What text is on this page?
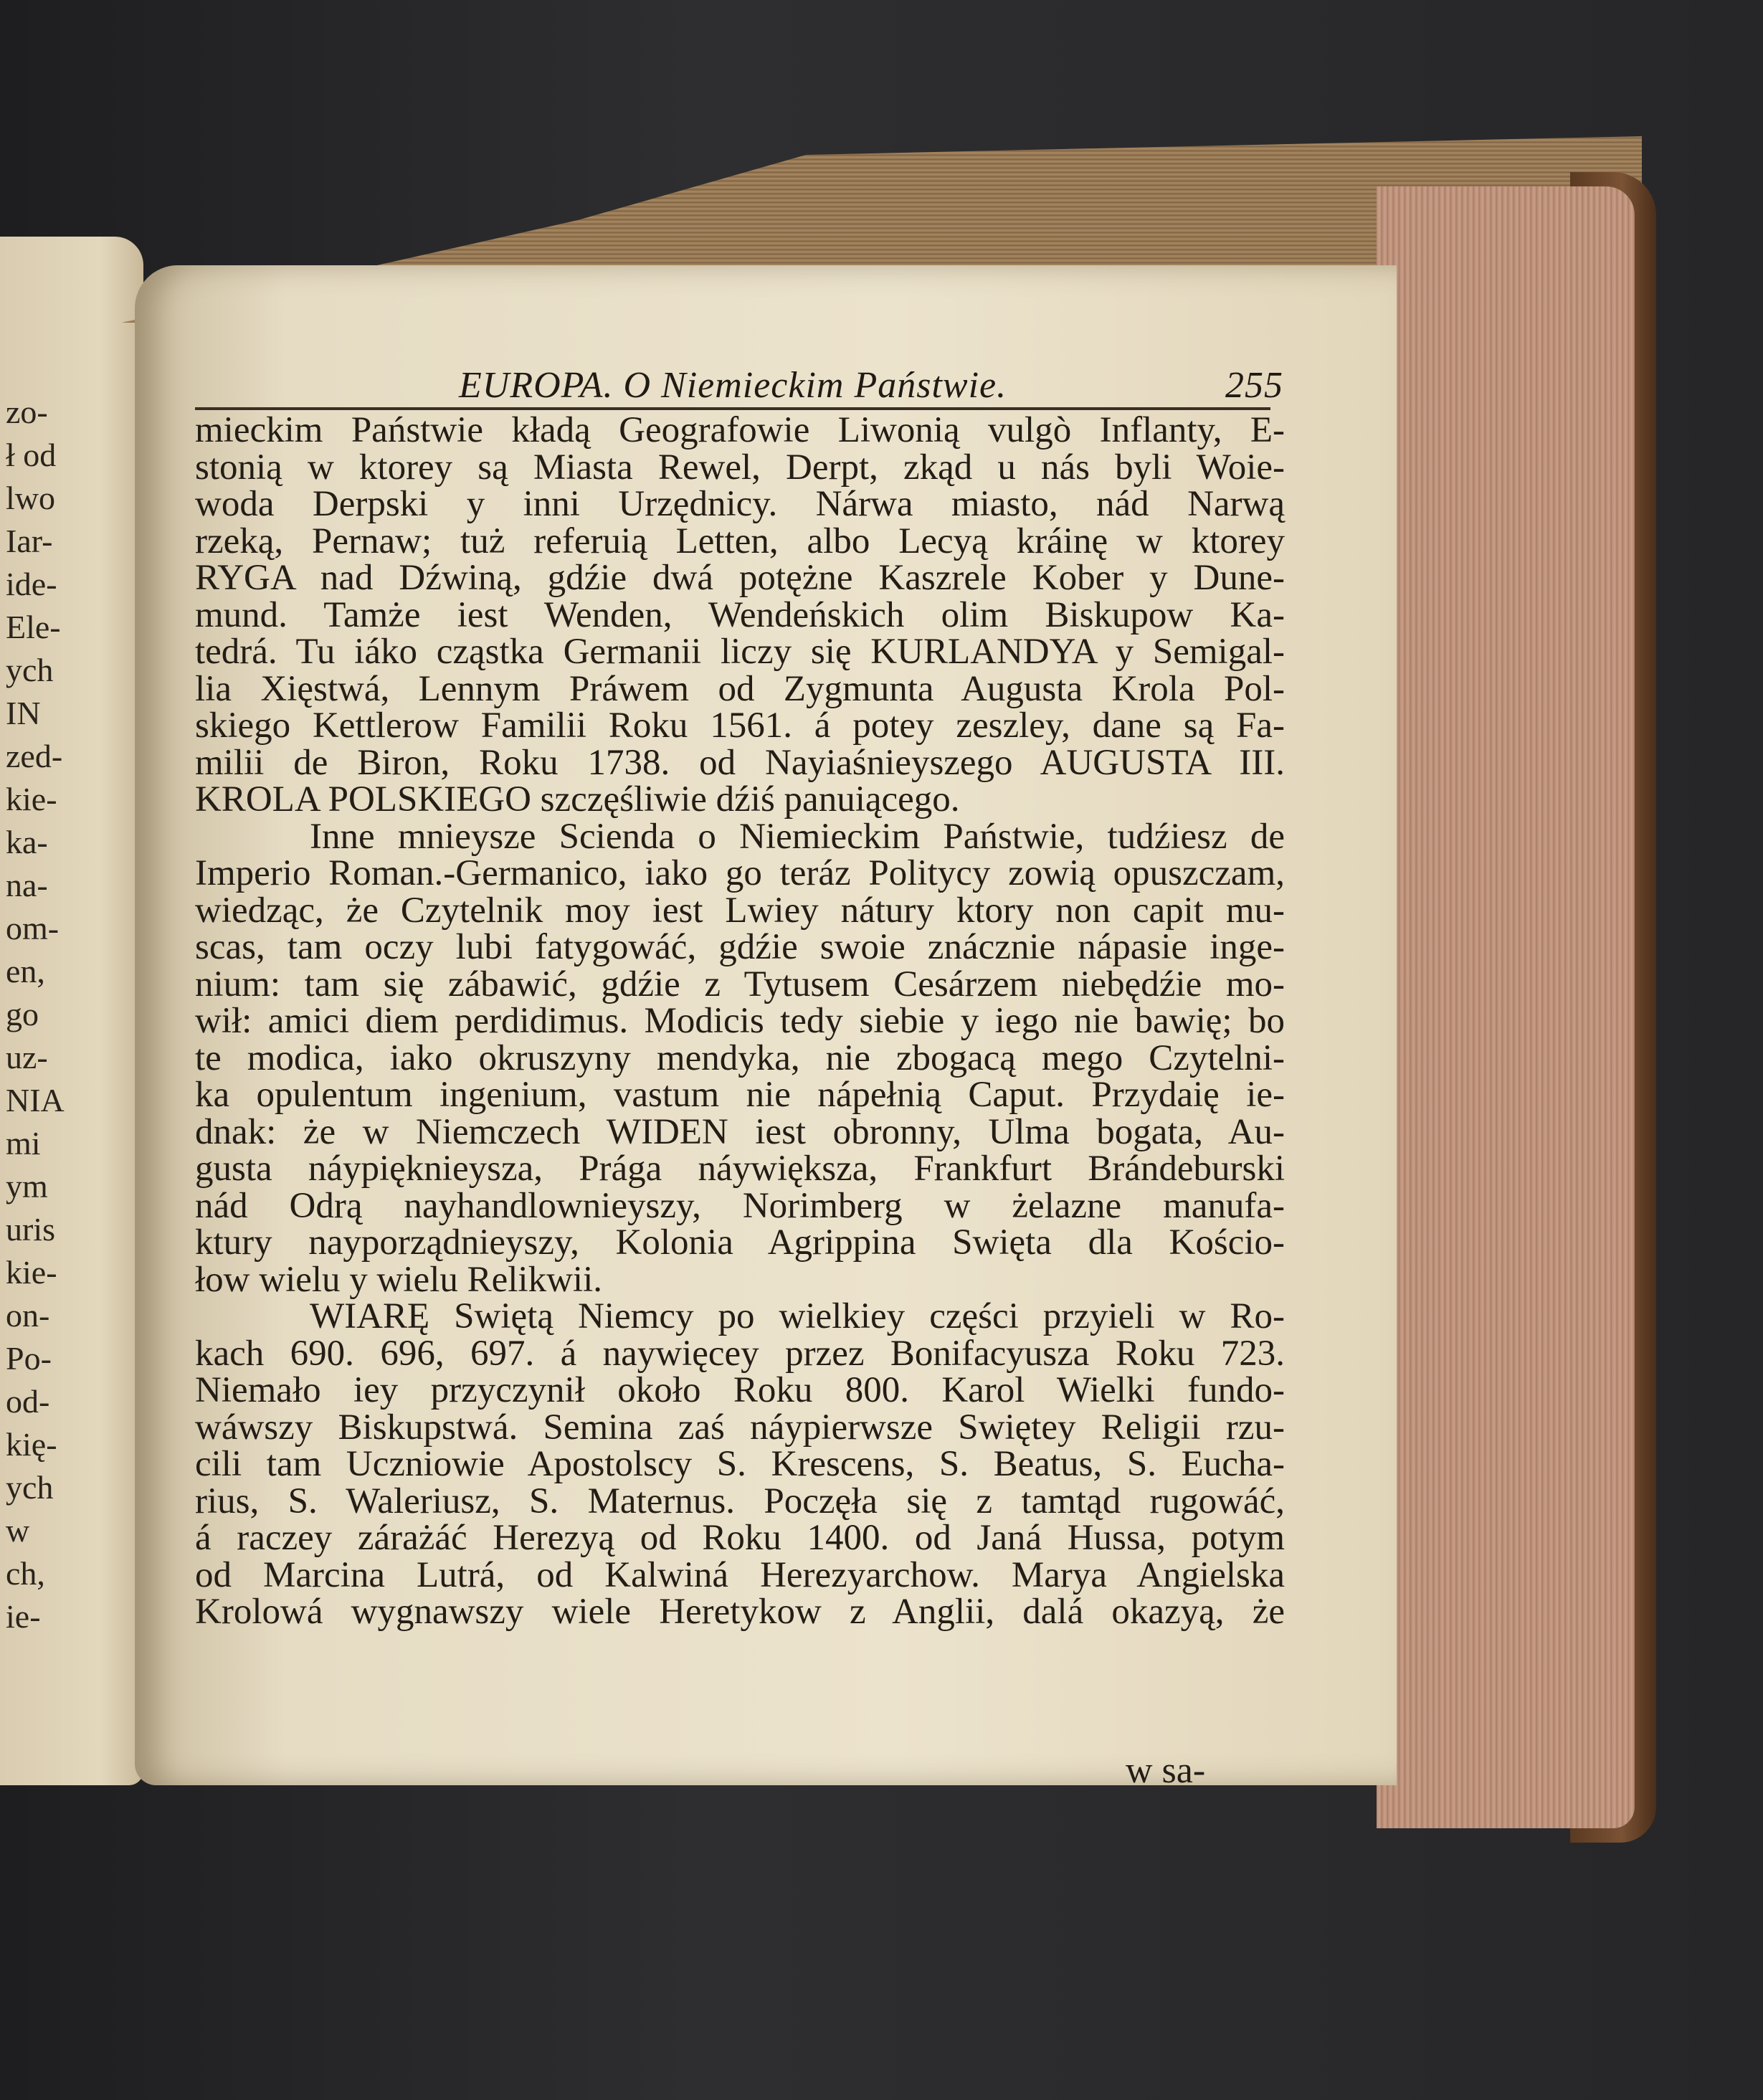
zo-
ł od
lwo
Iar-
ide-
Ele-
ych
IN
zed-
kie-
ka-
na-
om-
en,
go
uz-
NIA
mi
ym
uris
kie-
on-
Po-
od-
kię-
ych
w
ch,
ie-
EUROPA. O Niemieckim Państwie.	255
mieckim Państwie kładą Geografowie Liwonią vulgò Inflanty, E-
stonią w ktorey są Miasta Rewel, Derpt, zkąd u nás byli Woie-
woda Derpski y inni Urzędnicy. Nárwa miasto, nád Narwą
rzeką, Pernaw; tuż referuią Letten, albo Lecyą kráinę w ktorey
RYGA nad Dźwiną, gdźie dwá potężne Kaszrele Kober y Dune-
mund. Tamże iest Wenden, Wendeńskich olim Biskupow Ka-
tedrá. Tu iáko cząstka Germanii liczy się KURLANDYA y Semigal-
lia Xięstwá, Lennym Práwem od Zygmunta Augusta Krola Pol-
skiego Kettlerow Familii Roku 1561. á potey zeszley, dane są Fa-
milii de Biron, Roku 1738. od Nayiaśnieyszego AUGUSTA III.
KROLA POLSKIEGO szczęśliwie dźiś panuiącego.
Inne mnieysze Scienda o Niemieckim Państwie, tudźiesz de
Imperio Roman.-Germanico, iako go teráz Politycy zowią opuszczam,
wiedząc, że Czytelnik moy iest Lwiey nátury ktory non capit mu-
scas, tam oczy lubi fatygowáć, gdźie swoie znácznie nápasie inge-
nium: tam się zábawić, gdźie z Tytusem Cesárzem niebędźie mo-
wił: amici diem perdidimus. Modicis tedy siebie y iego nie bawię; bo
te modica, iako okruszyny mendyka, nie zbogacą mego Czytelni-
ka opulentum ingenium, vastum nie nápełnią Caput. Przydaię ie-
dnak: że w Niemczech WIDEN iest obronny, Ulma bogata, Au-
gusta náypięknieysza, Prága náywiększa, Frankfurt Brándeburski
nád Odrą nayhandlownieyszy, Norimberg w żelazne manufa-
ktury nayporządnieyszy, Kolonia Agrippina Swięta dla Kościo-
łow wielu y wielu Relikwii.
WIARĘ Swiętą Niemcy po wielkiey części przyieli w Ro-
kach 690. 696, 697. á naywięcey przez Bonifacyusza Roku 723.
Niemało iey przyczynił około Roku 800. Karol Wielki fundo-
wáwszy Biskupstwá. Semina zaś náypierwsze Swiętey Religii rzu-
cili tam Uczniowie Apostolscy S. Krescens, S. Beatus, S. Eucha-
rius, S. Waleriusz, S. Maternus. Poczęła się z tamtąd rugowáć,
á raczey zárażáć Herezyą od Roku 1400. od Janá Hussa, potym
od Marcina Lutrá, od Kalwiná Herezyarchow. Marya Angielska
Krolowá wygnawszy wiele Heretykow z Anglii, dalá okazyą, że
w sa-
